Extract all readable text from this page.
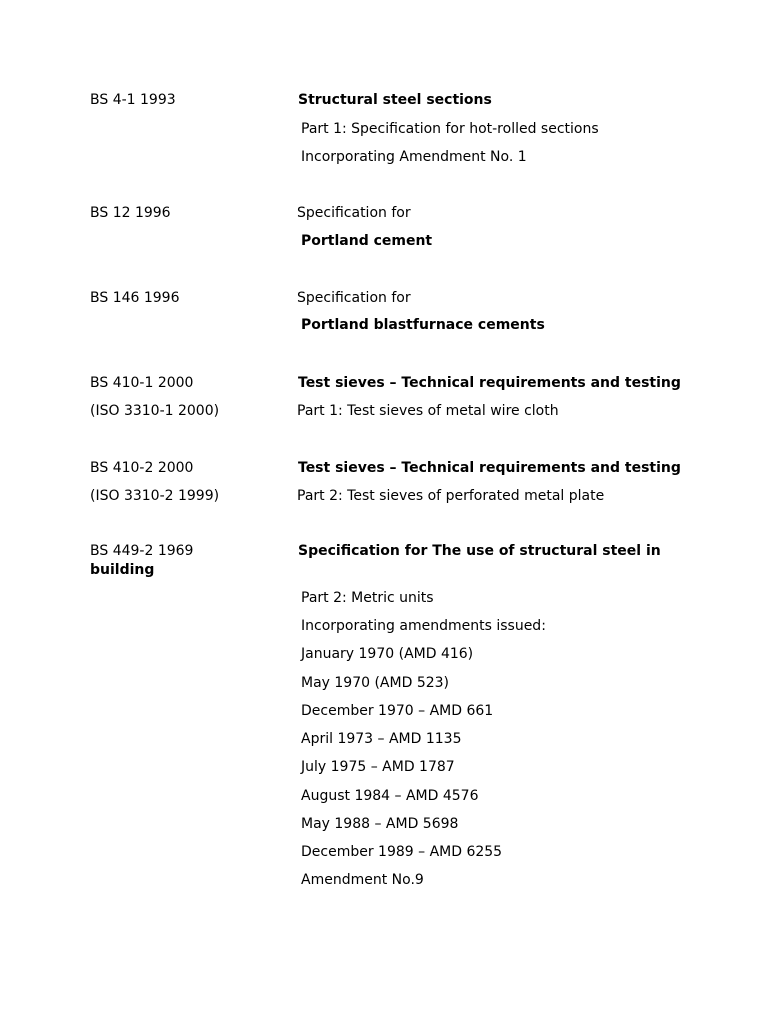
BS 4-1 1993	Structural steel sections
Part 1: Specification for hot-rolled sections
Incorporating Amendment No. 1
BS 12 1996	Specification for
Portland cement
BS 146 1996	Specification for
Portland blastfurnace cements
BS 410-1 2000	Test sieves – Technical requirements and testing
(ISO 3310-1 2000)	Part 1: Test sieves of metal wire cloth
BS 410-2 2000	Test sieves – Technical requirements and testing
(ISO 3310-2 1999)	Part 2: Test sieves of perforated metal plate
BS 449-2 1969	Specification for The use of structural steel in
building
Part 2: Metric units
Incorporating amendments issued:
January 1970 (AMD 416)
May 1970 (AMD 523)
December 1970 – AMD 661
April 1973 – AMD 1135
July 1975 – AMD 1787
August 1984 – AMD 4576
May 1988 – AMD 5698
December 1989 – AMD 6255
Amendment No.9
